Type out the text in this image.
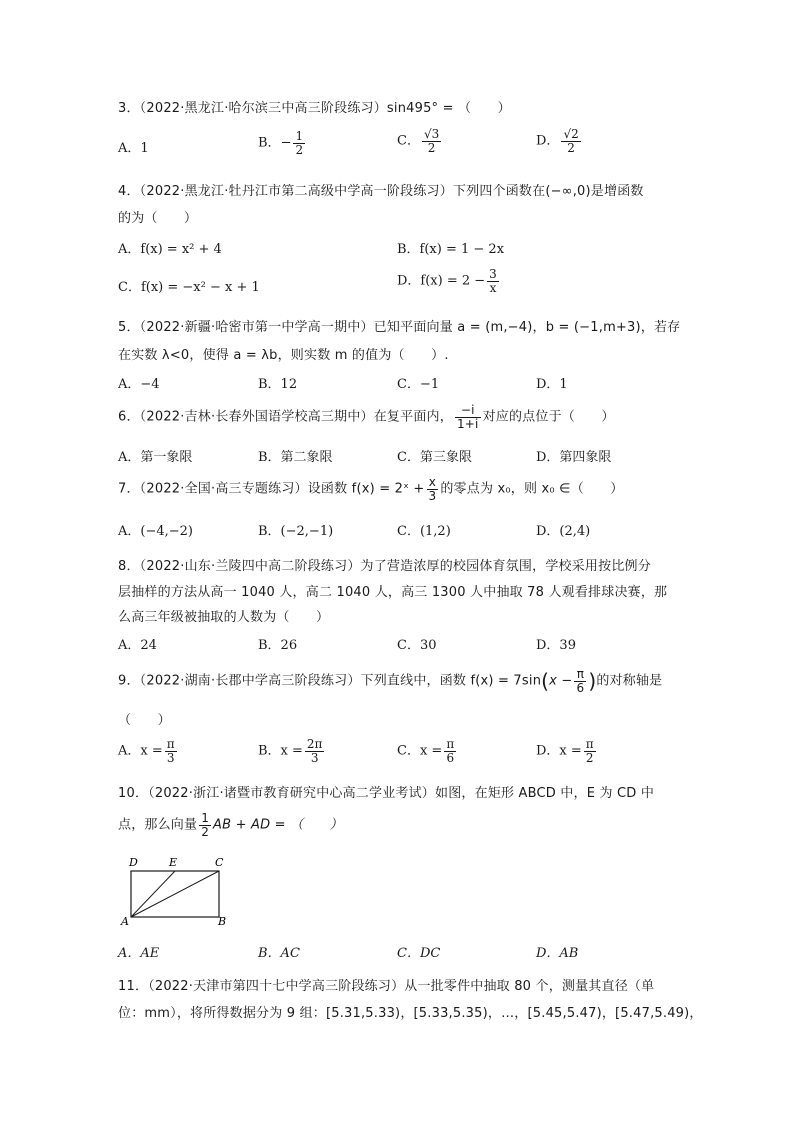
3．（2022·黑龙江·哈尔滨三中高三阶段练习）sin495° = （　　）
A．1	B．− $\frac{1}{2}$	C． $\frac{√3}{2}$	D． $\frac{√2}{2}$
4．（2022·黑龙江·牡丹江市第二高级中学高一阶段练习）下列四个函数在(−∞,0)是增函数
的为（　　）
A．f(x) = x² + 4	B．f(x) = 1 − 2x
C．f(x) = −x² − x + 1	D．$f(x) = 2 - \frac{3}{x}$
5．（2022·新疆·哈密市第一中学高一期中）已知平面向量 a = (m,−4)，b = (−1,m+3)，若存
在实数 λ<0，使得 a = λb，则实数 m 的值为（　　）.
A．−4	B．12	C．−1	D．1
6．（2022·吉林·长春外国语学校高三期中）在复平面内， $\frac{-i}{1+i}$ 对应的点位于（　　）
A．第一象限	B．第二象限	C．第三象限	D．第四象限
7．（2022·全国·高三专题练习）设函数 f(x) = 2ˣ + $\frac{x}{3}$ 的零点为 x₀，则 x₀ ∈（　　）
A．(−4,−2)	B．(−2,−1)	C．(1,2)	D．(2,4)
8．（2022·山东·兰陵四中高二阶段练习）为了营造浓厚的校园体育氛围，学校采用按比例分
层抽样的方法从高一 1040 人，高二 1040 人，高三 1300 人中抽取 78 人观看排球决赛，那
么高三年级被抽取的人数为（　　）
A．24	B．26	C．30	D．39
9．（2022·湖南·长郡中学高三阶段练习）下列直线中，函数 $f(x) = 7\sin(x - \frac{\pi}{6}$ )的对称轴是
（　　）
A．$x = \frac{\pi}{3}$	B．$x = \frac{2\pi}{3}$	C．$x = \frac{\pi}{6}$	D．$x = \frac{\pi}{2}$
10．（2022·浙江·诸暨市教育研究中心高二学业考试）如图，在矩形 ABCD 中，E 为 CD 中
点，那么向量 $\frac{1}{2}$ AB + AD = （　　）
D	E	C
A	B
A．AE	B．AC	C．DC	D．AB
11．（2022·天津市第四十七中学高三阶段练习）从一批零件中抽取 80 个，测量其直径（单
位：mm），将所得数据分为 9 组：[5.31,5.33)，[5.33,5.35)，…，[5.45,5.47)，[5.47,5.49)，
